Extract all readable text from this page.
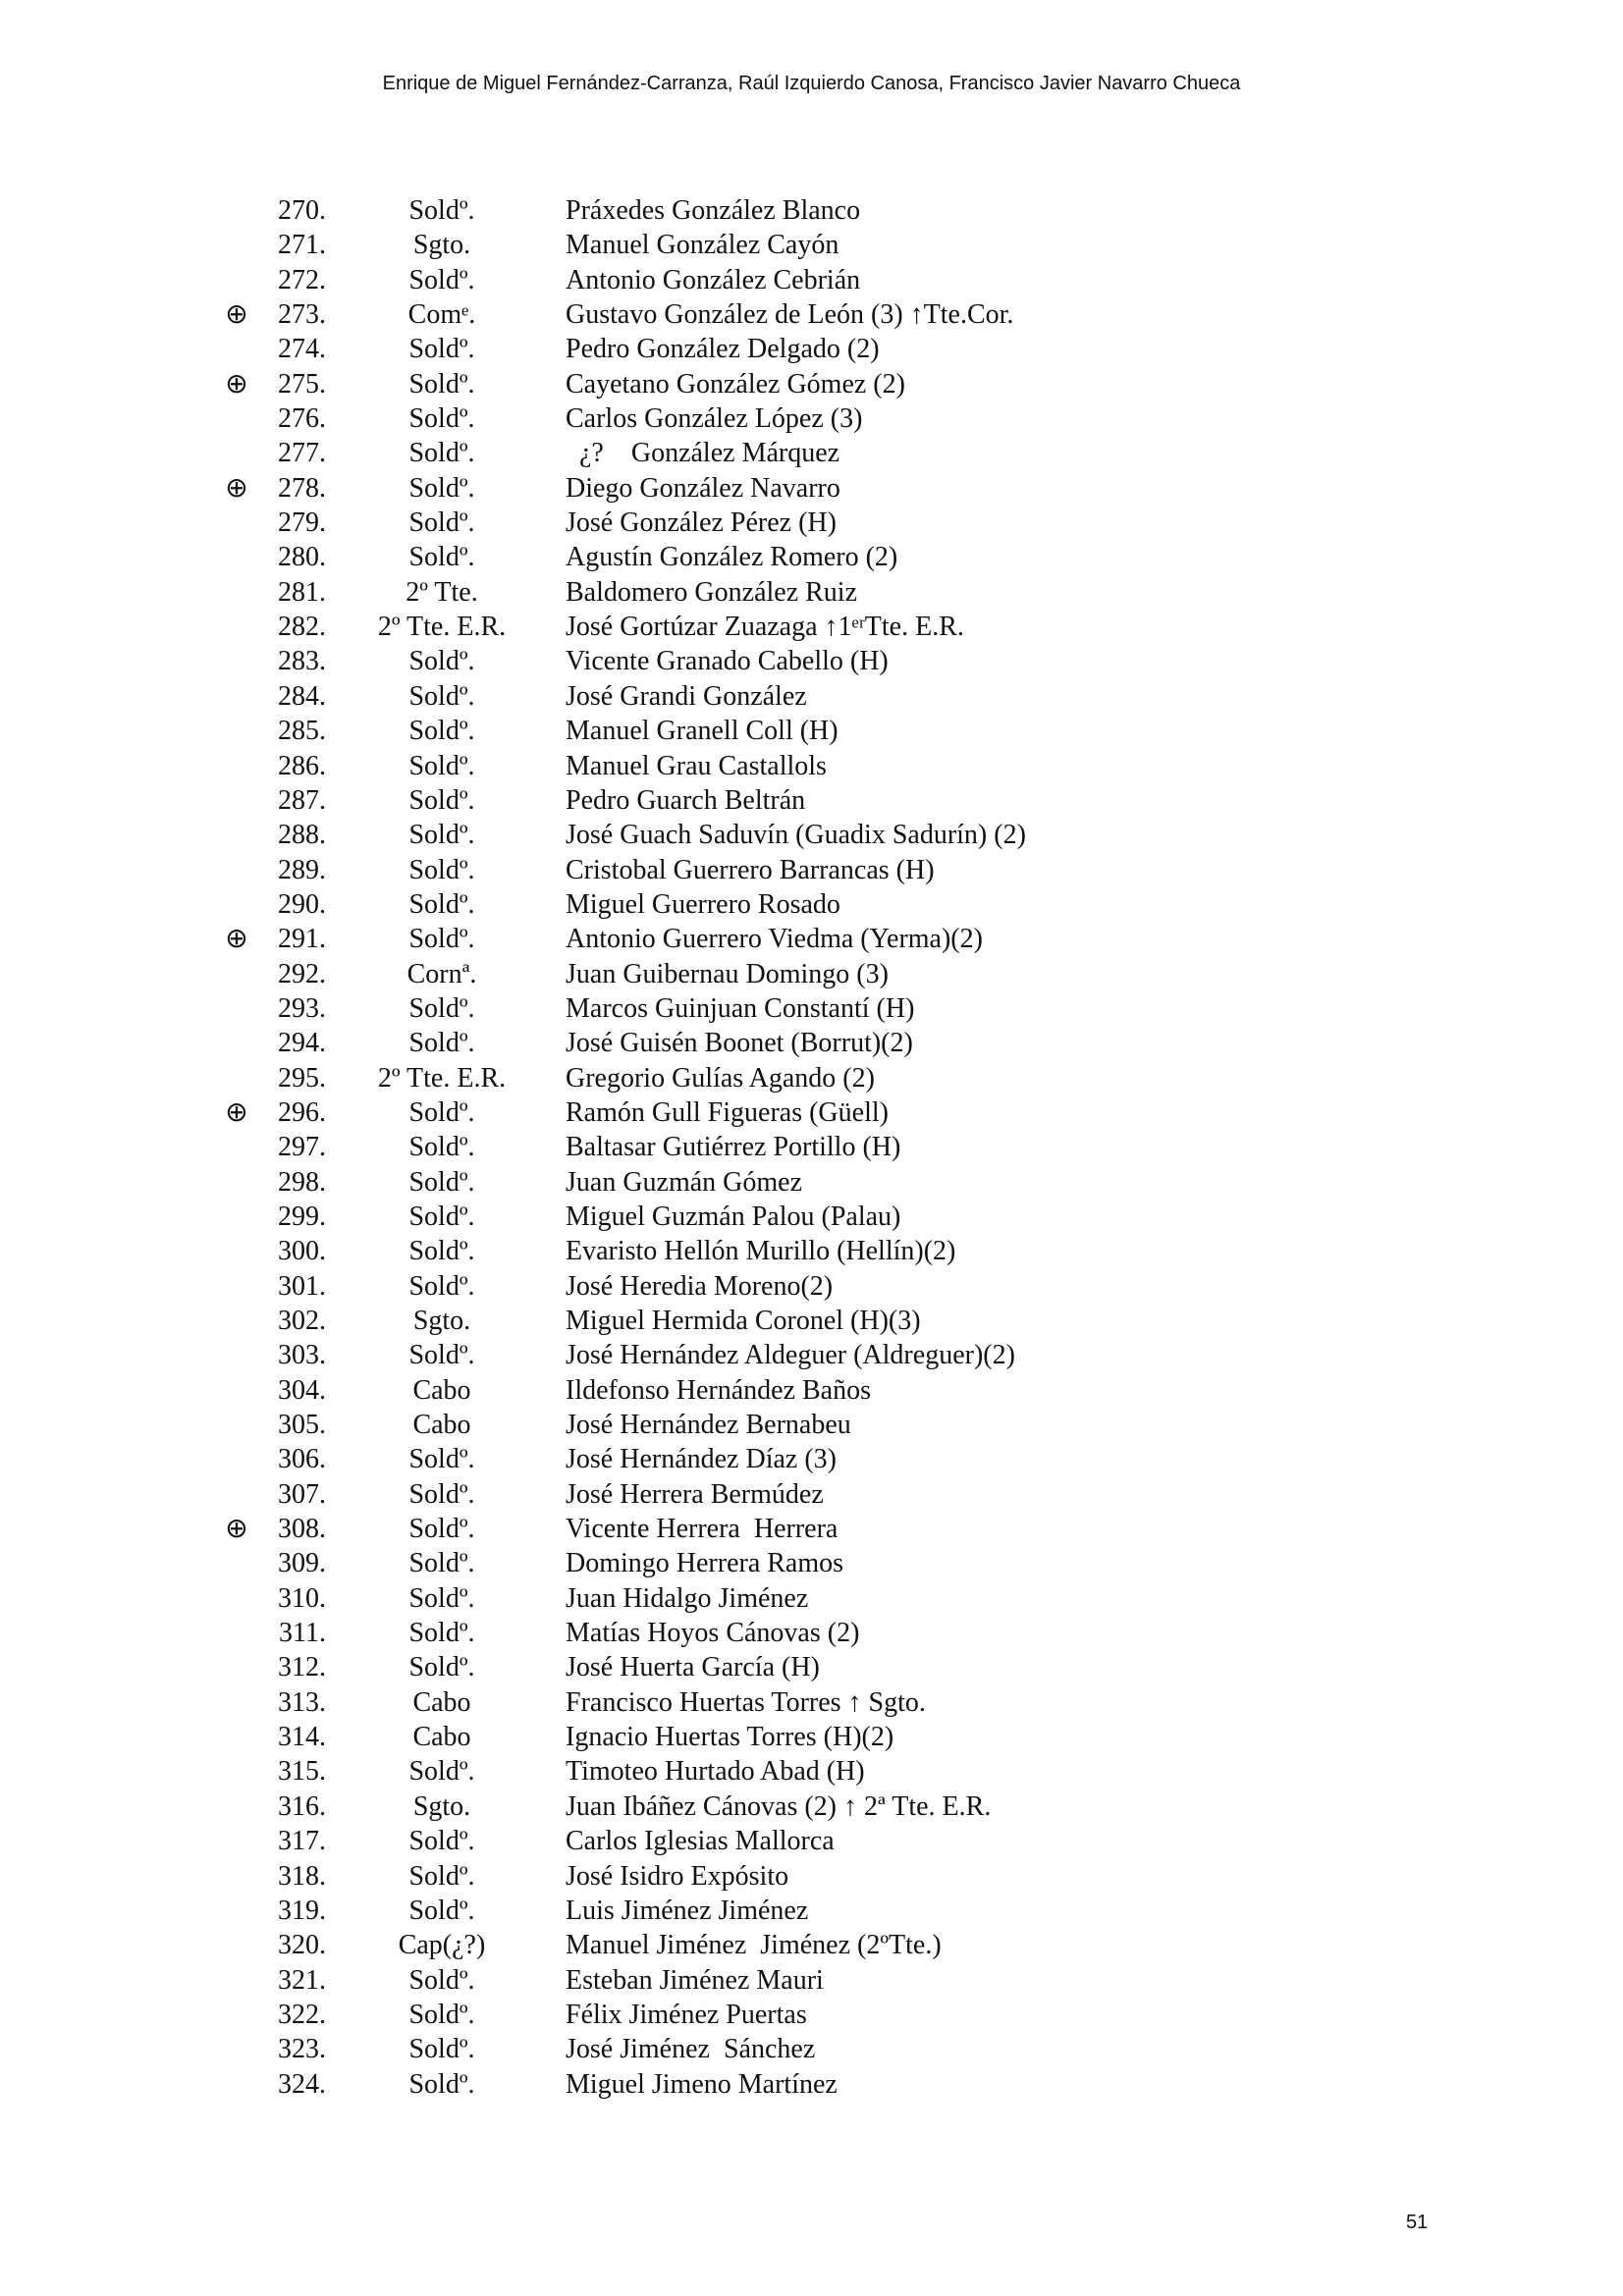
Enrique de Miguel Fernández-Carranza, Raúl Izquierdo Canosa, Francisco Javier Navarro Chueca
270.	Soldº.	Práxedes González Blanco
271.	Sgto.	Manuel González Cayón
272.	Soldº.	Antonio González Cebrián
⊕	273.	Comᵉ.	Gustavo González de León (3) ↑Tte.Cor.
274.	Soldº.	Pedro González Delgado (2)
⊕	275.	Soldº.	Cayetano González Gómez (2)
276.	Soldº.	Carlos González López (3)
277.	Soldº.	¿?    González Márquez
⊕	278.	Soldº.	Diego González Navarro
279.	Soldº.	José González Pérez (H)
280.	Soldº.	Agustín González Romero (2)
281.	2º Tte.	Baldomero González Ruiz
282.	2º Tte. E.R.	José Gortúzar Zuazaga ↑1ᵉʳTte. E.R.
283.	Soldº.	Vicente Granado Cabello (H)
284.	Soldº.	José Grandi González
285.	Soldº.	Manuel Granell Coll (H)
286.	Soldº.	Manuel Grau Castallols
287.	Soldº.	Pedro Guarch Beltrán
288.	Soldº.	José Guach Saduvín (Guadix Sadurín) (2)
289.	Soldº.	Cristobal Guerrero Barrancas (H)
290.	Soldº.	Miguel Guerrero Rosado
⊕	291.	Soldº.	Antonio Guerrero Viedma (Yerma)(2)
292.	Cornª.	Juan Guibernau Domingo (3)
293.	Soldº.	Marcos Guinjuan Constantí (H)
294.	Soldº.	José Guisén Boonet (Borrut)(2)
295.	2º Tte. E.R.	Gregorio Gulías Agando (2)
⊕	296.	Soldº.	Ramón Gull Figueras (Güell)
297.	Soldº.	Baltasar Gutiérrez Portillo (H)
298.	Soldº.	Juan Guzmán Gómez
299.	Soldº.	Miguel Guzmán Palou (Palau)
300.	Soldº.	Evaristo Hellón Murillo (Hellín)(2)
301.	Soldº.	José Heredia Moreno(2)
302.	Sgto.	Miguel Hermida Coronel (H)(3)
303.	Soldº.	José Hernández Aldeguer (Aldreguer)(2)
304.	Cabo	Ildefonso Hernández Baños
305.	Cabo	José Hernández Bernabeu
306.	Soldº.	José Hernández Díaz (3)
307.	Soldº.	José Herrera Bermúdez
⊕	308.	Soldº.	Vicente Herrera  Herrera
309.	Soldº.	Domingo Herrera Ramos
310.	Soldº.	Juan Hidalgo Jiménez
311.	Soldº.	Matías Hoyos Cánovas (2)
312.	Soldº.	José Huerta García (H)
313.	Cabo	Francisco Huertas Torres ↑ Sgto.
314.	Cabo	Ignacio Huertas Torres (H)(2)
315.	Soldº.	Timoteo Hurtado Abad (H)
316.	Sgto.	Juan Ibáñez Cánovas (2) ↑ 2ª Tte. E.R.
317.	Soldº.	Carlos Iglesias Mallorca
318.	Soldº.	José Isidro Expósito
319.	Soldº.	Luis Jiménez Jiménez
320.	Cap(¿?)	Manuel Jiménez  Jiménez (2ºTte.)
321.	Soldº.	Esteban Jiménez Mauri
322.	Soldº.	Félix Jiménez Puertas
323.	Soldº.	José Jiménez  Sánchez
324.	Soldº.	Miguel Jimeno Martínez
51
